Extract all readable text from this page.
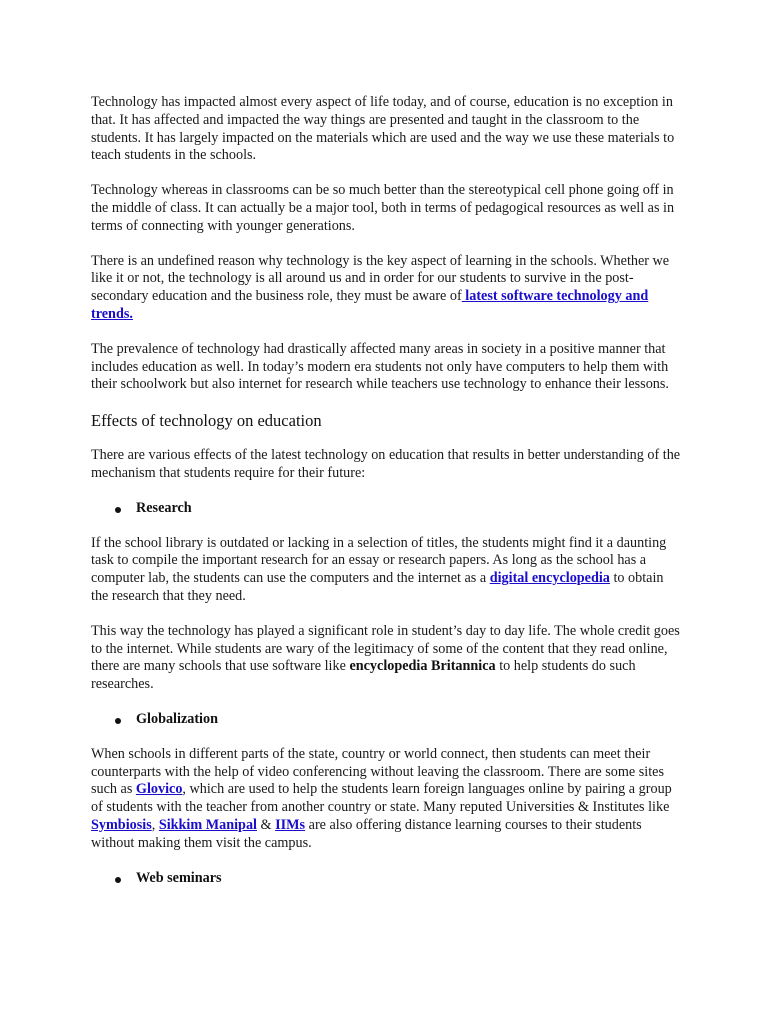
Technology has impacted almost every aspect of life today, and of course, education is no exception in that. It has affected and impacted the way things are presented and taught in the classroom to the students. It has largely impacted on the materials which are used and the way we use these materials to teach students in the schools.

Technology whereas in classrooms can be so much better than the stereotypical cell phone going off in the middle of class. It can actually be a major tool, both in terms of pedagogical resources as well as in terms of connecting with younger generations.

There is an undefined reason why technology is the key aspect of learning in the schools. Whether we like it or not, the technology is all around us and in order for our students to survive in the post-secondary education and the business role, they must be aware of latest software technology and trends.

The prevalence of technology had drastically affected many areas in society in a positive manner that includes education as well. In today’s modern era students not only have computers to help them with their schoolwork but also internet for research while teachers use technology to enhance their lessons.

Effects of technology on education

There are various effects of the latest technology on education that results in better understanding of the mechanism that students require for their future:

Research

If the school library is outdated or lacking in a selection of titles, the students might find it a daunting task to compile the important research for an essay or research papers. As long as the school has a computer lab, the students can use the computers and the internet as a digital encyclopedia to obtain the research that they need.

This way the technology has played a significant role in student’s day to day life. The whole credit goes to the internet. While students are wary of the legitimacy of some of the content that they read online, there are many schools that use software like encyclopedia Britannica to help students do such researches.

Globalization

When schools in different parts of the state, country or world connect, then students can meet their counterparts with the help of video conferencing without leaving the classroom. There are some sites such as Glovico, which are used to help the students learn foreign languages online by pairing a group of students with the teacher from another country or state. Many reputed Universities & Institutes like Symbiosis, Sikkim Manipal & IIMs are also offering distance learning courses to their students without making them visit the campus.

Web seminars
